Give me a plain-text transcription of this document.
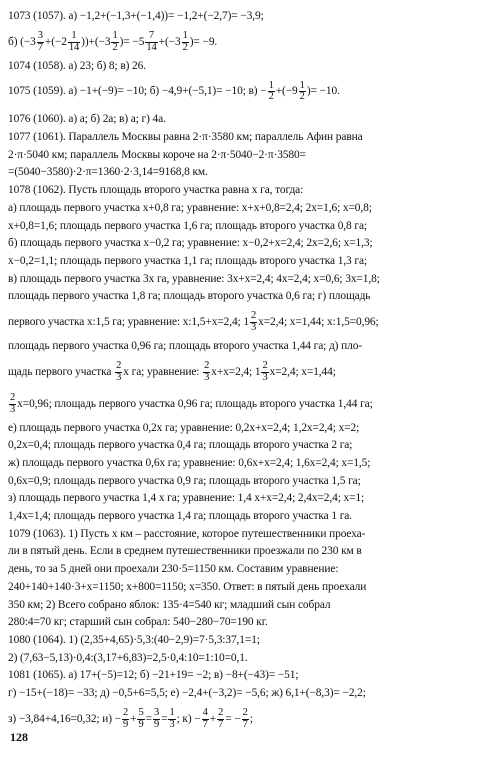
1073 (1057). а) −1,2+(−1,3+(−1,4))= −1,2+(−2,7)= −3,9;
б) $(-3 \frac{3}{7} +(-2 \frac{1}{14} ))+(-3 \frac{1}{2}$ )= $-5 \frac{7}{14} +(-3 \frac{1}{2}$ )= −9.
1074 (1058). а) 23; б) 8; в) 26.
1075 (1059). а) −1+(−9)= −10; б) −4,9+(−5,1)= −10; $в) - \frac{1}{2} +(-9 \frac{1}{2}$ )= −10.
1076 (1060). а) а; б) 2а; в) а; г) 4а.
1077 (1061). Параллель Москвы равна 2·π·3580 км; параллель Афин равна
2·π·5040 км; параллель Москвы короче на 2·π·5040−2·π·3580=
=(5040−3580)·2·π=1360·2·3,14=9168,8 км.
1078 (1062). Пусть площадь второго участка равна x га, тогда:
а) площадь первого участка x+0,8 га; уравнение: x+x+0,8=2,4; 2x=1,6; x=0,8;
x+0,8=1,6; площадь первого участка 1,6 га; площадь второго участка 0,8 га;
б) площадь первого участка x−0,2 га; уравнение: x−0,2+x=2,4; 2x=2,6; x=1,3;
x−0,2=1,1; площадь первого участка 1,1 га; площадь второго участка 1,3 га;
в) площадь первого участка 3x га, уравнение: 3x+x=2,4; 4x=2,4; x=0,6; 3x=1,8;
площадь первого участка 1,8 га; площадь второго участка 0,6 га; г) площадь
первого участка x:1,5 га; уравнение: x:1,5+x=2,4; $1 \frac{2}{3} x=2,4$; x=1,44; x:1,5=0,96;
площадь первого участка 0,96 га; площадь второго участка 1,44 га; д) пло-
щадь первого участка $\frac{2}{3}$ x га; уравнение: $\frac{2}{3} x+x=2,4$; $1 \frac{2}{3} x=2,4$; x=1,44;
$\frac{2}{3} x=0,96$; площадь первого участка 0,96 га; площадь второго участка 1,44 га;
е) площадь первого участка 0,2x га; уравнение: 0,2x+x=2,4; 1,2x=2,4; x=2;
0,2x=0,4; площадь первого участка 0,4 га; площадь второго участка 2 га;
ж) площадь первого участка 0,6x га; уравнение: 0,6x+x=2,4; 1,6x=2,4; x=1,5;
0,6x=0,9; площадь первого участка 0,9 га; площадь второго участка 1,5 га;
з) площадь первого участка 1,4 x га; уравнение: 1,4 x+x=2,4; 2,4x=2,4; x=1;
1,4x=1,4; площадь первого участка 1,4 га; площадь второго участка 1 га.
1079 (1063). 1) Пусть x км – расстояние, которое путешественники проеха-
ли в пятый день. Если в среднем путешественники проезжали по 230 км в
день, то за 5 дней они проехали 230·5=1150 км. Составим уравнение:
240+140+140·3+x=1150; x+800=1150; x=350. Ответ: в пятый день проехали
350 км; 2) Всего собрано яблок: 135·4=540 кг; младший сын собрал
280:4=70 кг; старший сын собрал: 540−280−70=190 кг.
1080 (1064). 1) (2,35+4,65)·5,3:(40−2,9)=7·5,3:37,1=1;
2) (7,63−5,13)·0,4:(3,17+6,83)=2,5·0,4:10=1:10=0,1.
1081 (1065). а) 17+(−5)=12; б) −21+19= −2; в) −8+(−43)= −51;
г) −15+(−18)= −33; д) −0,5+6=5,5; е) −2,4+(−3,2)= −5,6; ж) 6,1+(−8,3)= −2,2;
з) −3,84+4,16=0,32; $и) - \frac{2}{9} + \frac{5}{9} = \frac{3}{9} = \frac{1}{3}$ ; $к) - \frac{4}{7} + \frac{2}{7}$ = − $\frac{2}{7}$ ;
128
